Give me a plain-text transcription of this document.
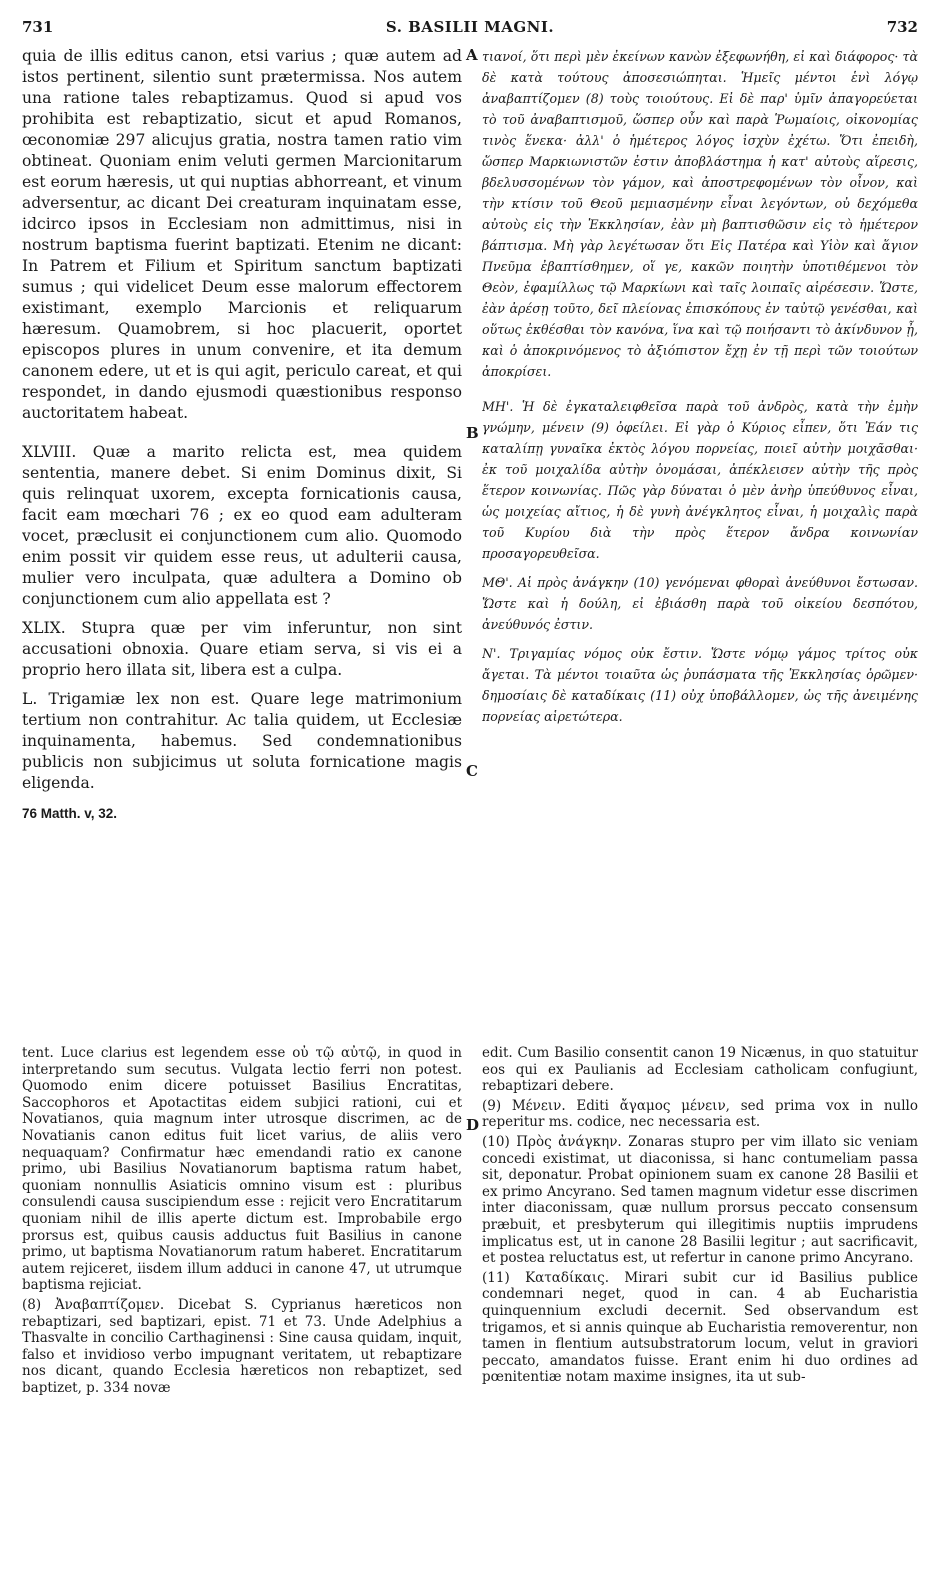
731	S. BASILII MAGNI.	732

quia de illis editus canon, etsi varius ; quæ autem ad istos pertinent, silentio sunt prætermissa. Nos autem una ratione tales rebaptizamus. Quod si apud vos prohibita est rebaptizatio, sicut et apud Romanos, œconomiæ 297 alicujus gratia, nostra tamen ratio vim obtineat. Quoniam enim veluti germen Marcionitarum est eorum hæresis, ut qui nuptias abhorreant, et vinum adversentur, ac dicant Dei creaturam inquinatam esse, idcirco ipsos in Ecclesiam non admittimus, nisi in nostrum baptisma fuerint baptizati. Etenim ne dicant: In Patrem et Filium et Spiritum sanctum baptizati sumus ; qui videlicet Deum esse malorum effectorem existimant, exemplo Marcionis et reliquarum hæresum. Quamobrem, si hoc placuerit, oportet episcopos plures in unum convenire, et ita demum canonem edere, ut et is qui agit, periculo careat, et qui respondet, in dando ejusmodi quæstionibus responso auctoritatem habeat.

XLVIII. Quæ a marito relicta est, mea quidem sententia, manere debet. Si enim Dominus dixit, Si quis relinquat uxorem, excepta fornicationis causa, facit eam mœchari 76 ; ex eo quod eam adulteram vocet, præclusit ei conjunctionem cum alio. Quomodo enim possit vir quidem esse reus, ut adulterii causa, mulier vero inculpata, quæ adultera a Domino ob conjunctionem cum alio appellata est ?

XLIX. Stupra quæ per vim inferuntur, non sint accusationi obnoxia. Quare etiam serva, si vis ei a proprio hero illata sit, libera est a culpa.

L. Trigamiæ lex non est. Quare lege matrimonium tertium non contrahitur. Ac talia quidem, ut Ecclesiæ inquinamenta, habemus. Sed condemnationibus publicis non subjicimus ut soluta fornicatione magis eligenda.

76 Matth. v, 32.

A
B
C
D

τιανοί, ὅτι περὶ μὲν ἐκείνων κανὼν ἐξεφωνήθη, εἰ καὶ διάφορος· τὰ δὲ κατὰ τούτους ἀποσεσιώπηται. Ἡμεῖς μέντοι ἑνὶ λόγῳ ἀναβαπτίζομεν (8) τοὺς τοιούτους. Εἰ δὲ παρ' ὑμῖν ἀπαγορεύεται τὸ τοῦ ἀναβαπτισμοῦ, ὥσπερ οὖν καὶ παρὰ Ῥωμαίοις, οἰκονομίας τινὸς ἕνεκα· ἀλλ' ὁ ἡμέτερος λόγος ἰσχὺν ἐχέτω. Ὅτι ἐπειδὴ, ὥσπερ Μαρκιωνιστῶν ἐστιν ἀποβλάστημα ἡ κατ' αὐτοὺς αἵρεσις, βδελυσσομένων τὸν γάμον, καὶ ἀποστρεφομένων τὸν οἶνον, καὶ τὴν κτίσιν τοῦ Θεοῦ μεμιασμένην εἶναι λεγόντων, οὐ δεχόμεθα αὐτοὺς εἰς τὴν Ἐκκλησίαν, ἐὰν μὴ βαπτισθῶσιν εἰς τὸ ἡμέτερον βάπτισμα. Μὴ γὰρ λεγέτωσαν ὅτι Εἰς Πατέρα καὶ Υἱὸν καὶ ἅγιον Πνεῦμα ἐβαπτίσθημεν, οἵ γε, κακῶν ποιητὴν ὑποτιθέμενοι τὸν Θεὸν, ἐφαμίλλως τῷ Μαρκίωνι καὶ ταῖς λοιπαῖς αἱρέσεσιν. Ὥστε, ἐὰν ἀρέσῃ τοῦτο, δεῖ πλείονας ἐπισκόπους ἐν ταὐτῷ γενέσθαι, καὶ οὕτως ἐκθέσθαι τὸν κανόνα, ἵνα καὶ τῷ ποιήσαντι τὸ ἀκίνδυνον ᾖ, καὶ ὁ ἀποκρινόμενος τὸ ἀξιόπιστον ἔχῃ ἐν τῇ περὶ τῶν τοιούτων ἀποκρίσει.

ΜΗ'. Ἡ δὲ ἐγκαταλειφθεῖσα παρὰ τοῦ ἀνδρὸς, κατὰ τὴν ἐμὴν γνώμην, μένειν (9) ὀφείλει. Εἰ γὰρ ὁ Κύριος εἶπεν, ὅτι Ἐάν τις καταλίπῃ γυναῖκα ἐκτὸς λόγου πορνείας, ποιεῖ αὐτὴν μοιχᾶσθαι· ἐκ τοῦ μοιχαλίδα αὐτὴν ὀνομάσαι, ἀπέκλεισεν αὐτὴν τῆς πρὸς ἕτερον κοινωνίας. Πῶς γὰρ δύναται ὁ μὲν ἀνὴρ ὑπεύθυνος εἶναι, ὡς μοιχείας αἴτιος, ἡ δὲ γυνὴ ἀνέγκλητος εἶναι, ἡ μοιχαλὶς παρὰ τοῦ Κυρίου διὰ τὴν πρὸς ἕτερον ἄνδρα κοινωνίαν προσαγορευθεῖσα.

ΜΘ'. Αἱ πρὸς ἀνάγκην (10) γενόμεναι φθοραὶ ἀνεύθυνοι ἔστωσαν. Ὥστε καὶ ἡ δούλη, εἰ ἐβιάσθη παρὰ τοῦ οἰκείου δεσπότου, ἀνεύθυνός ἐστιν.

Ν'. Τριγαμίας νόμος οὐκ ἔστιν. Ὥστε νόμῳ γάμος τρίτος οὐκ ἄγεται. Τὰ μέντοι τοιαῦτα ὡς ῥυπάσματα τῆς Ἐκκλησίας ὁρῶμεν· δημοσίαις δὲ καταδίκαις (11) οὐχ ὑποβάλλομεν, ὡς τῆς ἀνειμένης πορνείας αἱρετώτερα.

tent. Luce clarius est legendem esse οὐ τῷ αὐτῷ, in quod in interpretando sum secutus. Vulgata lectio ferri non potest. Quomodo enim dicere potuisset Basilius Encratitas, Saccophoros et Apotactitas eidem subjici rationi, cui et Novatianos, quia magnum inter utrosque discrimen, ac de Novatianis canon editus fuit licet varius, de aliis vero nequaquam? Confirmatur hæc emendandi ratio ex canone primo, ubi Basilius Novatianorum baptisma ratum habet, quoniam nonnullis Asiaticis omnino visum est : pluribus consulendi causa suscipiendum esse : rejicit vero Encratitarum quoniam nihil de illis aperte dictum est. Improbabile ergo prorsus est, quibus causis adductus fuit Basilius in canone primo, ut baptisma Novatianorum ratum haberet. Encratitarum autem rejiceret, iisdem illum adduci in canone 47, ut utrumque baptisma rejiciat.

(8) Ἀναβαπτίζομεν. Dicebat S. Cyprianus hæreticos non rebaptizari, sed baptizari, epist. 71 et 73. Unde Adelphius a Thasvalte in concilio Carthaginensi : Sine causa quidam, inquit, falso et invidioso verbo impugnant veritatem, ut rebaptizare nos dicant, quando Ecclesia hæreticos non rebaptizet, sed baptizet, p. 334 novæ

edit. Cum Basilio consentit canon 19 Nicænus, in quo statuitur eos qui ex Paulianis ad Ecclesiam catholicam confugiunt, rebaptizari debere.

(9) Μένειν. Editi ἄγαμος μένειν, sed prima vox in nullo reperitur ms. codice, nec necessaria est.

(10) Πρὸς ἀνάγκην. Zonaras stupro per vim illato sic veniam concedi existimat, ut diaconissa, si hanc contumeliam passa sit, deponatur. Probat opinionem suam ex canone 28 Basilii et ex primo Ancyrano. Sed tamen magnum videtur esse discrimen inter diaconissam, quæ nullum prorsus peccato consensum præbuit, et presbyterum qui illegitimis nuptiis imprudens implicatus est, ut in canone 28 Basilii legitur ; aut sacrificavit, et postea reluctatus est, ut refertur in canone primo Ancyrano.

(11) Καταδίκαις. Mirari subit cur id Basilius publice condemnari neget, quod in can. 4 ab Eucharistia quinquennium excludi decernit. Sed observandum est trigamos, et si annis quinque ab Eucharistia removerentur, non tamen in flentium autsubstratorum locum, velut in graviori peccato, amandatos fuisse. Erant enim hi duo ordines ad pœnitentiæ notam maxime insignes, ita ut sub-
